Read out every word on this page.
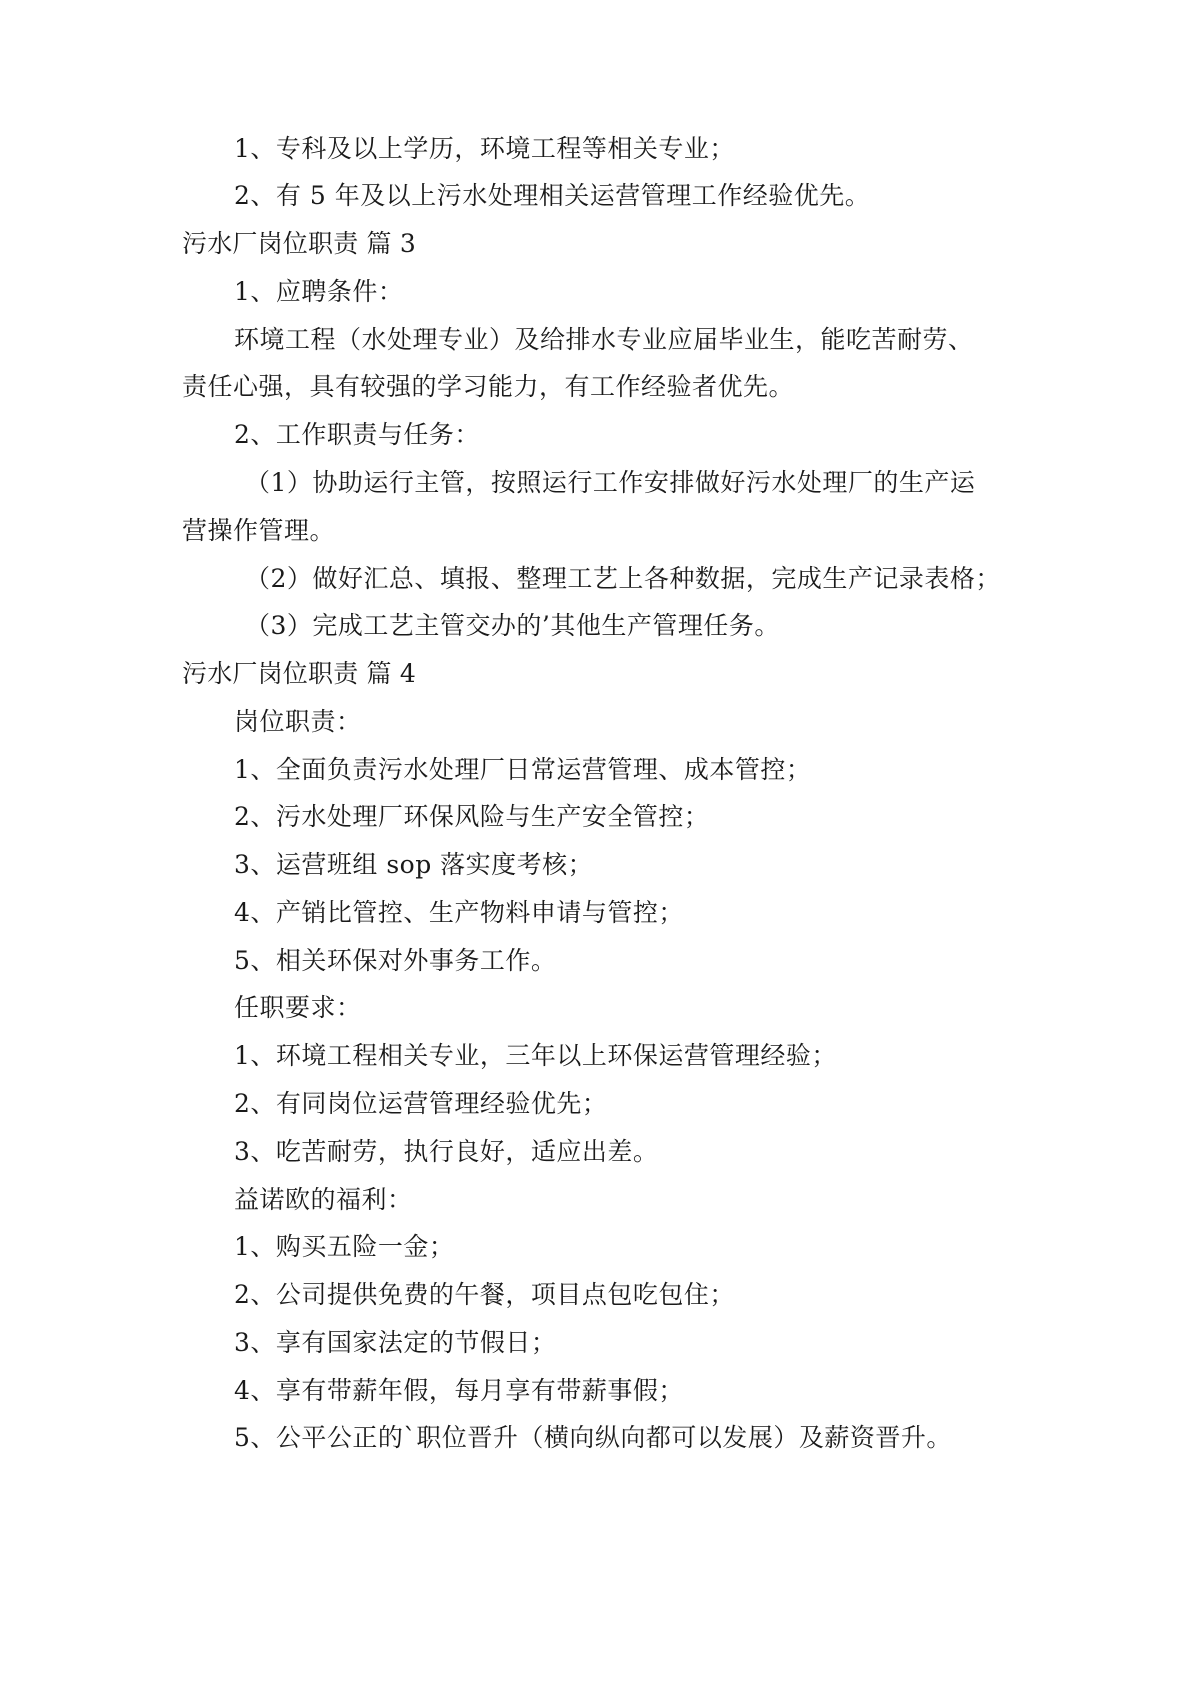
1、专科及以上学历，环境工程等相关专业；
2、有 5 年及以上污水处理相关运营管理工作经验优先。
污水厂岗位职责 篇 3
1、应聘条件：
环境工程（水处理专业）及给排水专业应届毕业生，能吃苦耐劳、
责任心强，具有较强的学习能力，有工作经验者优先。
2、工作职责与任务：
（1）协助运行主管，按照运行工作安排做好污水处理厂的生产运
营操作管理。
（2）做好汇总、填报、整理工艺上各种数据，完成生产记录表格；
（3）完成工艺主管交办的’其他生产管理任务。
污水厂岗位职责 篇 4
岗位职责：
1、全面负责污水处理厂日常运营管理、成本管控；
2、污水处理厂环保风险与生产安全管控；
3、运营班组 sop 落实度考核；
4、产销比管控、生产物料申请与管控；
5、相关环保对外事务工作。
任职要求：
1、环境工程相关专业，三年以上环保运营管理经验；
2、有同岗位运营管理经验优先；
3、吃苦耐劳，执行良好，适应出差。
益诺欧的福利：
1、购买五险一金；
2、公司提供免费的午餐，项目点包吃包住；
3、享有国家法定的节假日；
4、享有带薪年假，每月享有带薪事假；
5、公平公正的`职位晋升（横向纵向都可以发展）及薪资晋升。
